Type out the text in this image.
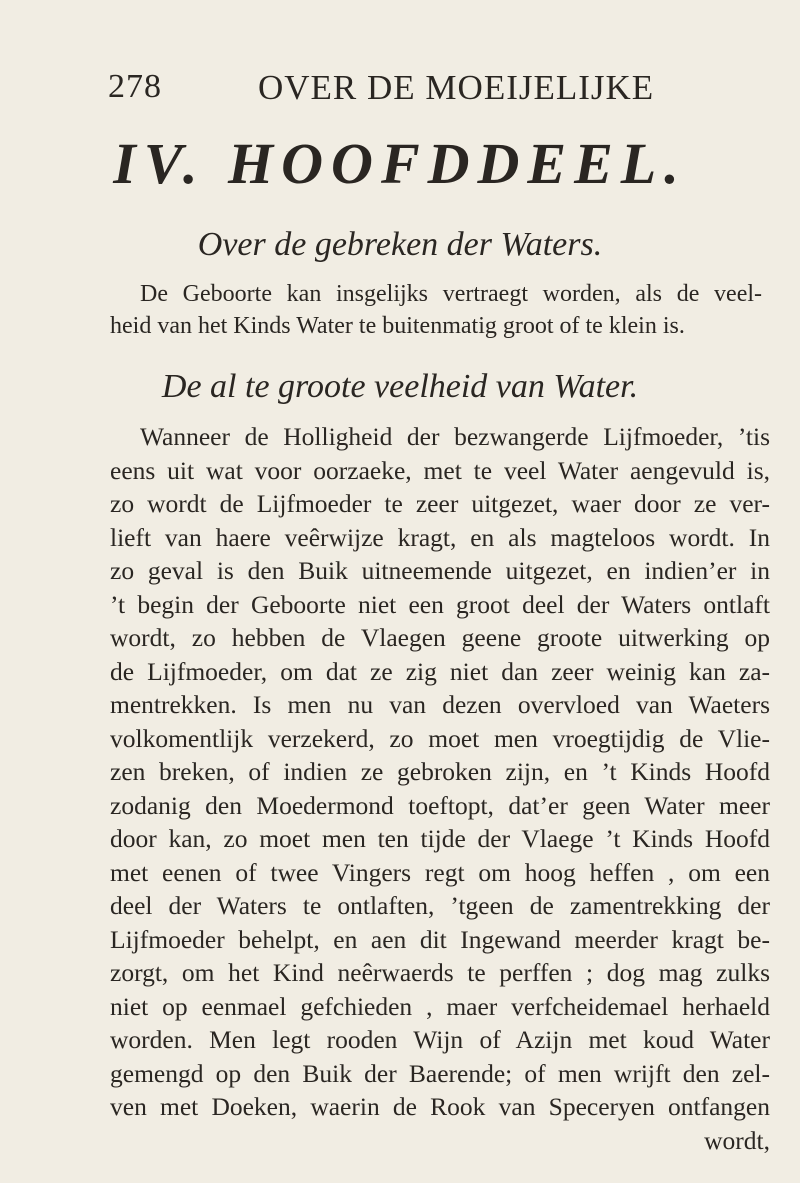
278	OVER DE MOEIJELIJKE
IV. HOOFDDEEL.
Over de gebreken der Waters.
De Geboorte kan insgelijks vertraegt worden, als de veel-
heid van het Kinds Water te buitenmatig groot of te klein is.
De al te groote veelheid van Water.
Wanneer de Holligheid der bezwangerde Lijfmoeder, ’tis
eens uit wat voor oorzaeke, met te veel Water aengevuld is,
zo wordt de Lijfmoeder te zeer uitgezet, waer door ze ver-
lieft van haere veêrwijze kragt, en als magteloos wordt. In
zo geval is den Buik uitneemende uitgezet, en indien’er in
’t begin der Geboorte niet een groot deel der Waters ontlaft
wordt, zo hebben de Vlaegen geene groote uitwerking op
de Lijfmoeder, om dat ze zig niet dan zeer weinig kan za-
mentrekken. Is men nu van dezen overvloed van Waeters
volkomentlijk verzekerd, zo moet men vroegtijdig de Vlie-
zen breken, of indien ze gebroken zijn, en ’t Kinds Hoofd
zodanig den Moedermond toeftopt, dat’er geen Water meer
door kan, zo moet men ten tijde der Vlaege ’t Kinds Hoofd
met eenen of twee Vingers regt om hoog heffen , om een
deel der Waters te ontlaften, ’tgeen de zamentrekking der
Lijfmoeder behelpt, en aen dit Ingewand meerder kragt be-
zorgt, om het Kind neêrwaerds te perffen ; dog mag zulks
niet op eenmael gefchieden , maer verfcheidemael herhaeld
worden. Men legt rooden Wijn of Azijn met koud Water
gemengd op den Buik der Baerende; of men wrijft den zel-
ven met Doeken, waerin de Rook van Speceryen ontfangen
wordt,
